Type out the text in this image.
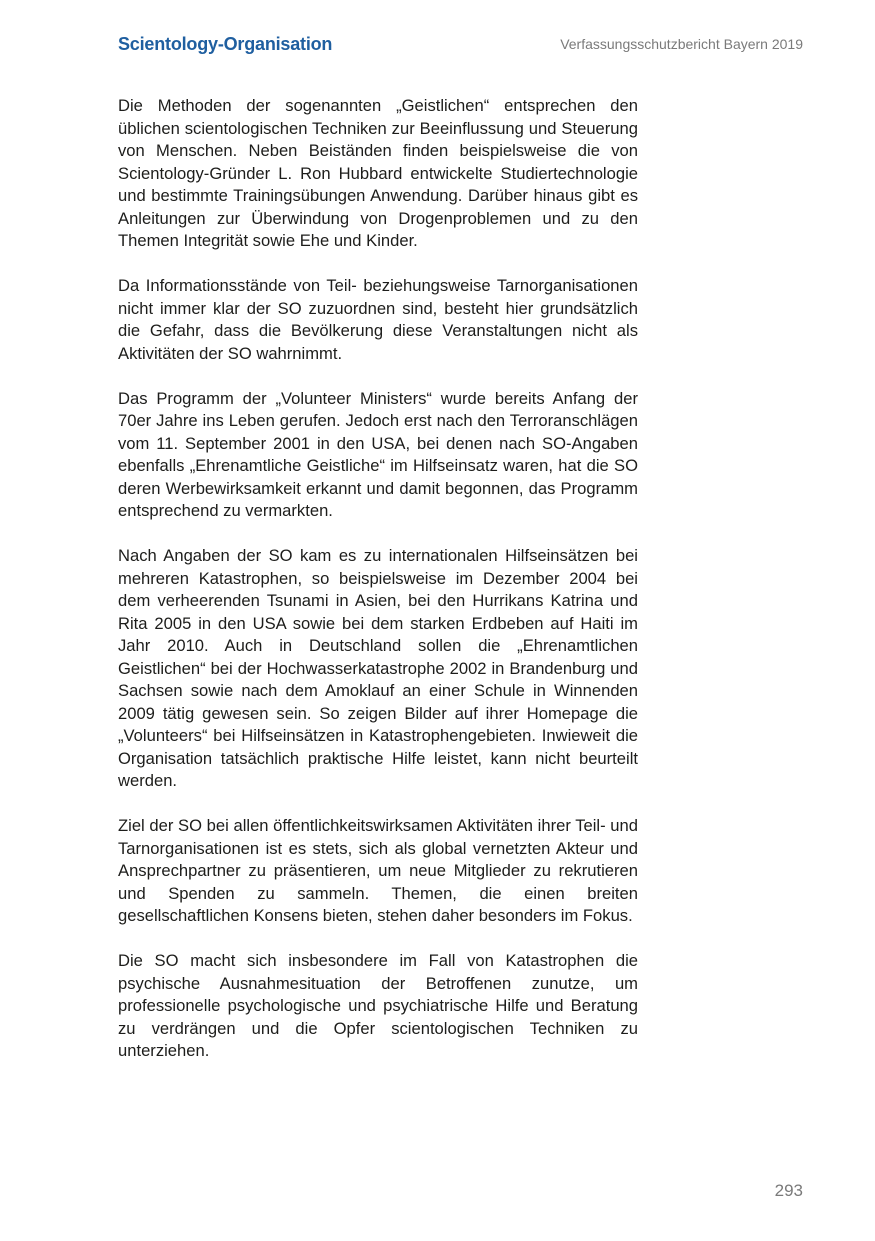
Scientology-Organisation	Verfassungsschutzbericht Bayern 2019

Die Methoden der sogenannten „Geistlichen“ entsprechen den üblichen scientologischen Techniken zur Beeinflussung und Steuerung von Menschen. Neben Beiständen finden beispielsweise die von Scientology-Gründer L. Ron Hubbard entwickelte Studiertechnologie und bestimmte Trainingsübungen Anwendung. Darüber hinaus gibt es Anleitungen zur Überwindung von Drogenproblemen und zu den Themen Integrität sowie Ehe und Kinder.

Da Informationsstände von Teil- beziehungsweise Tarnorganisationen nicht immer klar der SO zuzuordnen sind, besteht hier grundsätzlich die Gefahr, dass die Bevölkerung diese Veranstaltungen nicht als Aktivitäten der SO wahrnimmt.

Das Programm der „Volunteer Ministers“ wurde bereits Anfang der 70er Jahre ins Leben gerufen. Jedoch erst nach den Terroranschlägen vom 11. September 2001 in den USA, bei denen nach SO-Angaben ebenfalls „Ehrenamtliche Geistliche“ im Hilfseinsatz waren, hat die SO deren Werbewirksamkeit erkannt und damit begonnen, das Programm entsprechend zu vermarkten.

Nach Angaben der SO kam es zu internationalen Hilfseinsätzen bei mehreren Katastrophen, so beispielsweise im Dezember 2004 bei dem verheerenden Tsunami in Asien, bei den Hurrikans Katrina und Rita 2005 in den USA sowie bei dem starken Erdbeben auf Haiti im Jahr 2010. Auch in Deutschland sollen die „Ehrenamtlichen Geistlichen“ bei der Hochwasserkatastrophe 2002 in Brandenburg und Sachsen sowie nach dem Amoklauf an einer Schule in Winnenden 2009 tätig gewesen sein. So zeigen Bilder auf ihrer Homepage die „Volunteers“ bei Hilfseinsätzen in Katastrophengebieten. Inwieweit die Organisation tatsächlich praktische Hilfe leistet, kann nicht beurteilt werden.

Ziel der SO bei allen öffentlichkeitswirksamen Aktivitäten ihrer Teil- und Tarnorganisationen ist es stets, sich als global vernetzten Akteur und Ansprechpartner zu präsentieren, um neue Mitglieder zu rekrutieren und Spenden zu sammeln. Themen, die einen breiten gesellschaftlichen Konsens bieten, stehen daher besonders im Fokus.

Die SO macht sich insbesondere im Fall von Katastrophen die psychische Ausnahmesituation der Betroffenen zunutze, um professionelle psychologische und psychiatrische Hilfe und Beratung zu verdrängen und die Opfer scientologischen Techniken zu unterziehen.

293
